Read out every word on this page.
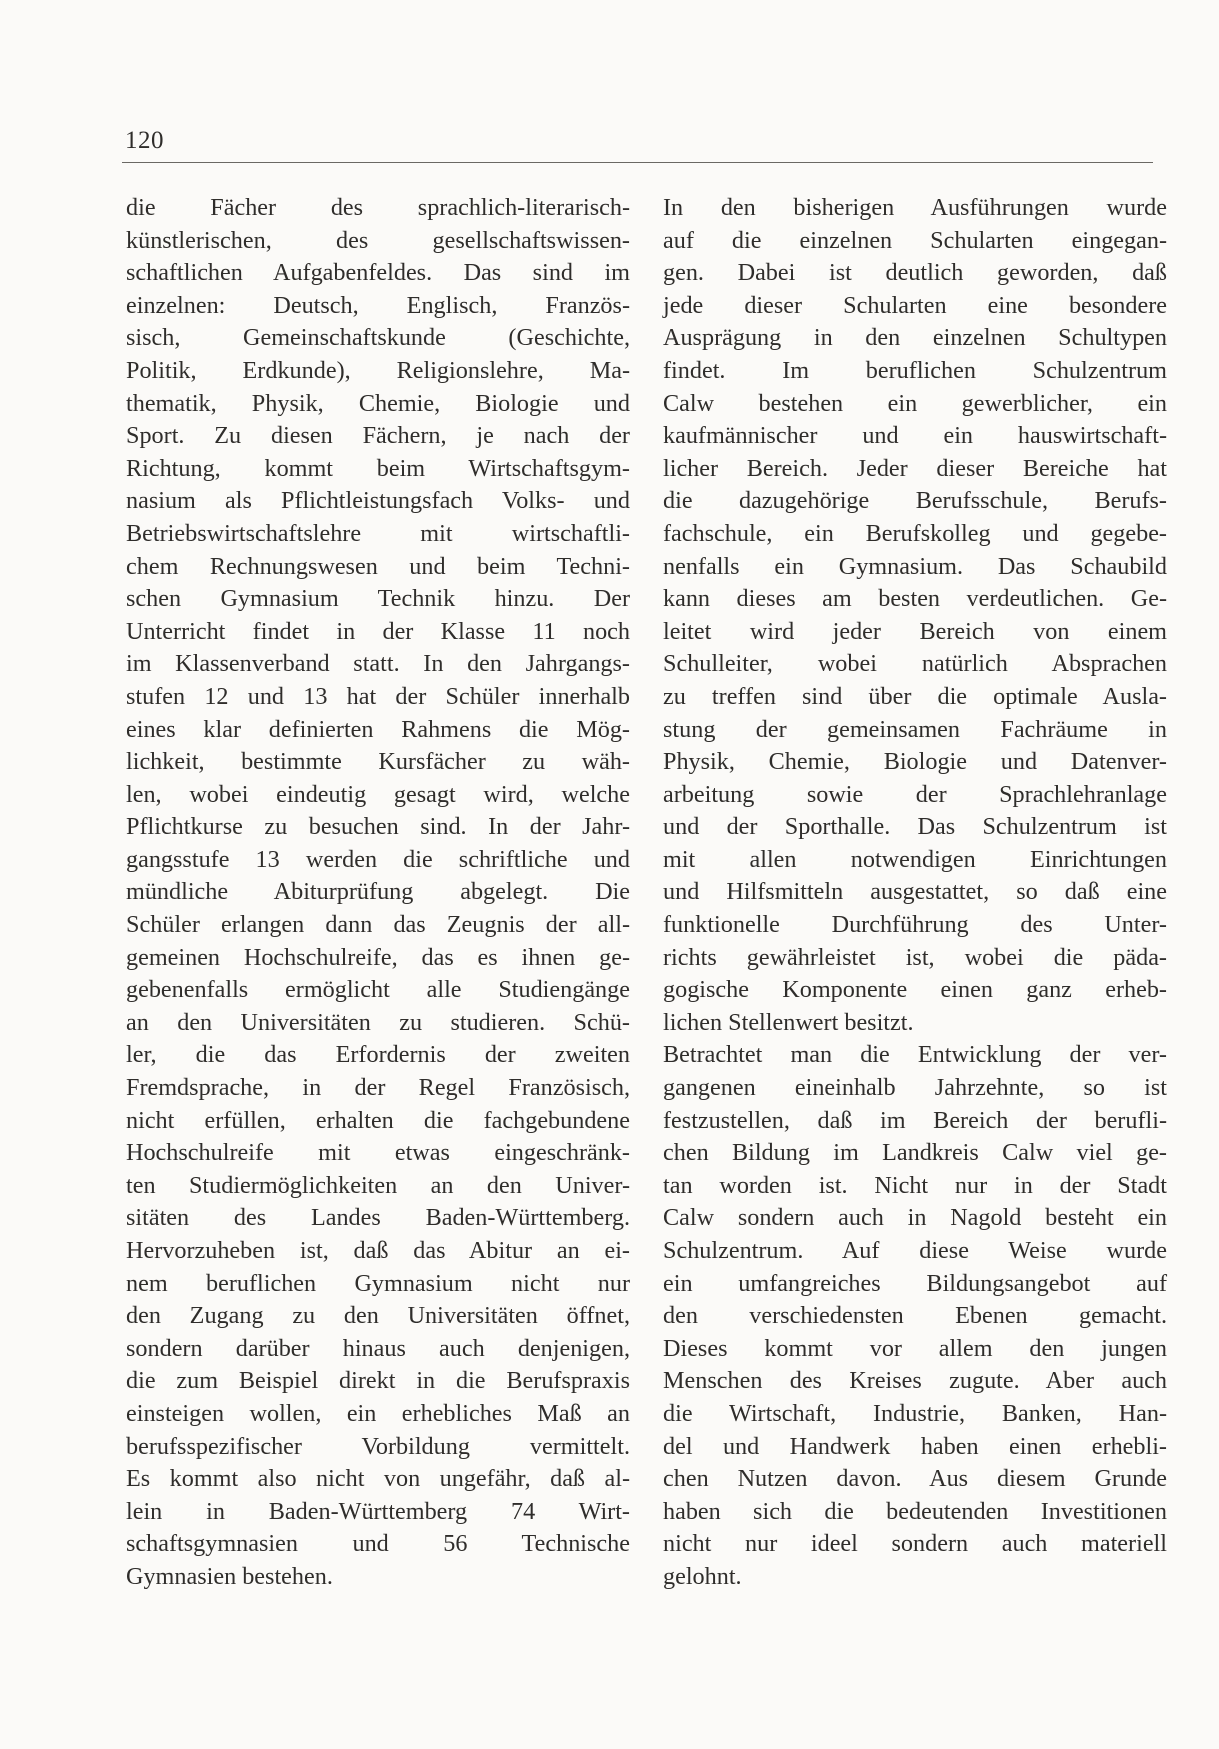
120
die Fächer des sprachlich-literarisch-
künstlerischen, des gesellschaftswissen-
schaftlichen Aufgabenfeldes. Das sind im
einzelnen: Deutsch, Englisch, Französ-
sisch, Gemeinschaftskunde (Geschichte,
Politik, Erdkunde), Religionslehre, Ma-
thematik, Physik, Chemie, Biologie und
Sport. Zu diesen Fächern, je nach der
Richtung, kommt beim Wirtschaftsgym-
nasium als Pflichtleistungsfach Volks- und
Betriebswirtschaftslehre mit wirtschaftli-
chem Rechnungswesen und beim Techni-
schen Gymnasium Technik hinzu. Der
Unterricht findet in der Klasse 11 noch
im Klassenverband statt. In den Jahrgangs-
stufen 12 und 13 hat der Schüler innerhalb
eines klar definierten Rahmens die Mög-
lichkeit, bestimmte Kursfächer zu wäh-
len, wobei eindeutig gesagt wird, welche
Pflichtkurse zu besuchen sind. In der Jahr-
gangsstufe 13 werden die schriftliche und
mündliche Abiturprüfung abgelegt. Die
Schüler erlangen dann das Zeugnis der all-
gemeinen Hochschulreife, das es ihnen ge-
gebenenfalls ermöglicht alle Studiengänge
an den Universitäten zu studieren. Schü-
ler, die das Erfordernis der zweiten
Fremdsprache, in der Regel Französisch,
nicht erfüllen, erhalten die fachgebundene
Hochschulreife mit etwas eingeschränk-
ten Studiermöglichkeiten an den Univer-
sitäten des Landes Baden-Württemberg.
Hervorzuheben ist, daß das Abitur an ei-
nem beruflichen Gymnasium nicht nur
den Zugang zu den Universitäten öffnet,
sondern darüber hinaus auch denjenigen,
die zum Beispiel direkt in die Berufspraxis
einsteigen wollen, ein erhebliches Maß an
berufsspezifischer Vorbildung vermittelt.
Es kommt also nicht von ungefähr, daß al-
lein in Baden-Württemberg 74 Wirt-
schaftsgymnasien und 56 Technische
Gymnasien bestehen.
In den bisherigen Ausführungen wurde
auf die einzelnen Schularten eingegan-
gen. Dabei ist deutlich geworden, daß
jede dieser Schularten eine besondere
Ausprägung in den einzelnen Schultypen
findet. Im beruflichen Schulzentrum
Calw bestehen ein gewerblicher, ein
kaufmännischer und ein hauswirtschaft-
licher Bereich. Jeder dieser Bereiche hat
die dazugehörige Berufsschule, Berufs-
fachschule, ein Berufskolleg und gegebe-
nenfalls ein Gymnasium. Das Schaubild
kann dieses am besten verdeutlichen. Ge-
leitet wird jeder Bereich von einem
Schulleiter, wobei natürlich Absprachen
zu treffen sind über die optimale Ausla-
stung der gemeinsamen Fachräume in
Physik, Chemie, Biologie und Datenver-
arbeitung sowie der Sprachlehranlage
und der Sporthalle. Das Schulzentrum ist
mit allen notwendigen Einrichtungen
und Hilfsmitteln ausgestattet, so daß eine
funktionelle Durchführung des Unter-
richts gewährleistet ist, wobei die päda-
gogische Komponente einen ganz erheb-
lichen Stellenwert besitzt.
Betrachtet man die Entwicklung der ver-
gangenen eineinhalb Jahrzehnte, so ist
festzustellen, daß im Bereich der berufli-
chen Bildung im Landkreis Calw viel ge-
tan worden ist. Nicht nur in der Stadt
Calw sondern auch in Nagold besteht ein
Schulzentrum. Auf diese Weise wurde
ein umfangreiches Bildungsangebot auf
den verschiedensten Ebenen gemacht.
Dieses kommt vor allem den jungen
Menschen des Kreises zugute. Aber auch
die Wirtschaft, Industrie, Banken, Han-
del und Handwerk haben einen erhebli-
chen Nutzen davon. Aus diesem Grunde
haben sich die bedeutenden Investitionen
nicht nur ideel sondern auch materiell
gelohnt.
